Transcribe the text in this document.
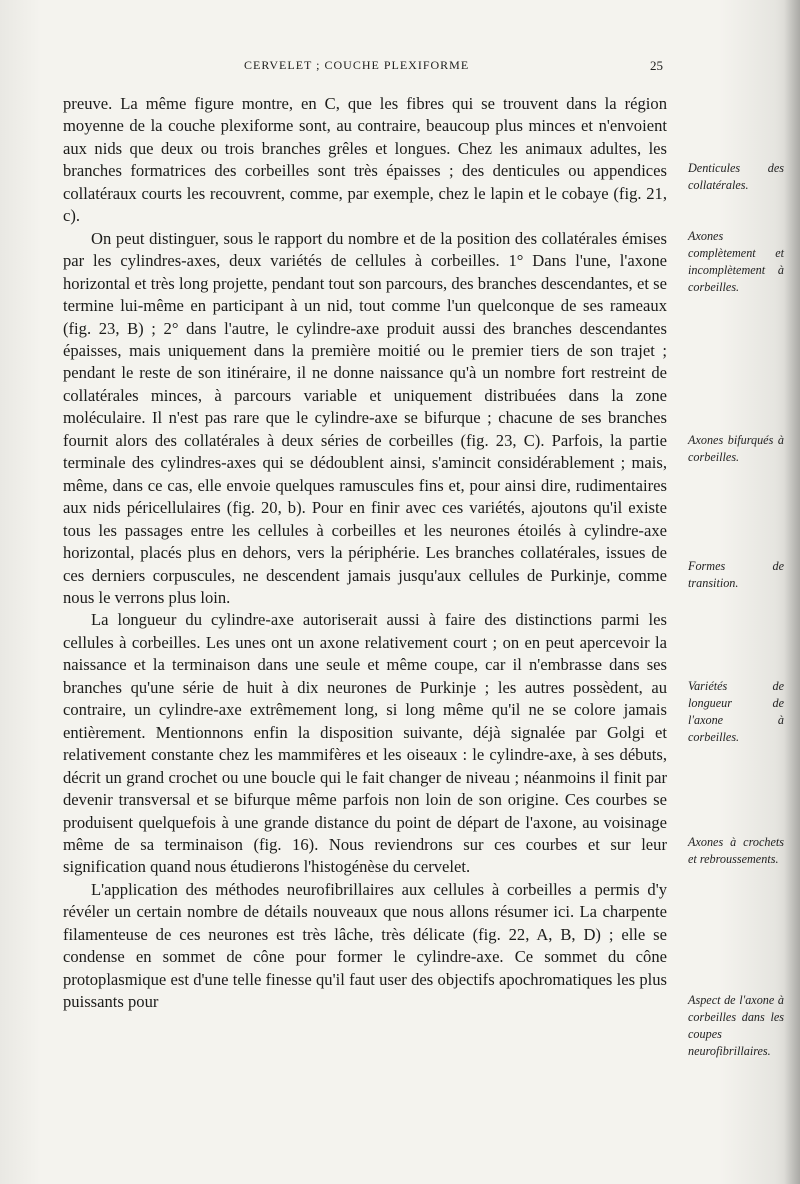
CERVELET ; COUCHE PLEXIFORME	25

preuve. La même figure montre, en C, que les fibres qui se trouvent dans la région moyenne de la couche plexiforme sont, au contraire, beaucoup plus minces et n'envoient aux nids que deux ou trois branches grêles et longues. Chez les animaux adultes, les branches formatrices des corbeilles sont très épaisses ; des denticules ou appendices collatéraux courts les recouvrent, comme, par exemple, chez le lapin et le cobaye (fig. 21, c).

On peut distinguer, sous le rapport du nombre et de la position des collatérales émises par les cylindres-axes, deux variétés de cellules à corbeilles. 1° Dans l'une, l'axone horizontal et très long projette, pendant tout son parcours, des branches descendantes, et se termine lui-même en participant à un nid, tout comme l'un quelconque de ses rameaux (fig. 23, B) ; 2° dans l'autre, le cylindre-axe produit aussi des branches descendantes épaisses, mais uniquement dans la première moitié ou le premier tiers de son trajet ; pendant le reste de son itinéraire, il ne donne naissance qu'à un nombre fort restreint de collatérales minces, à parcours variable et uniquement distribuées dans la zone moléculaire. Il n'est pas rare que le cylindre-axe se bifurque ; chacune de ses branches fournit alors des collatérales à deux séries de corbeilles (fig. 23, C). Parfois, la partie terminale des cylindres-axes qui se dédoublent ainsi, s'amincit considérablement ; mais, même, dans ce cas, elle envoie quelques ramuscules fins et, pour ainsi dire, rudimentaires aux nids péricellulaires (fig. 20, b). Pour en finir avec ces variétés, ajoutons qu'il existe tous les passages entre les cellules à corbeilles et les neurones étoilés à cylindre-axe horizontal, placés plus en dehors, vers la périphérie. Les branches collatérales, issues de ces derniers corpuscules, ne descendent jamais jusqu'aux cellules de Purkinje, comme nous le verrons plus loin.

La longueur du cylindre-axe autoriserait aussi à faire des distinctions parmi les cellules à corbeilles. Les unes ont un axone relativement court ; on en peut apercevoir la naissance et la terminaison dans une seule et même coupe, car il n'embrasse dans ses branches qu'une série de huit à dix neurones de Purkinje ; les autres possèdent, au contraire, un cylindre-axe extrêmement long, si long même qu'il ne se colore jamais entièrement. Mentionnons enfin la disposition suivante, déjà signalée par Golgi et relativement constante chez les mammifères et les oiseaux : le cylindre-axe, à ses débuts, décrit un grand crochet ou une boucle qui le fait changer de niveau ; néanmoins il finit par devenir transversal et se bifurque même parfois non loin de son origine. Ces courbes se produisent quelquefois à une grande distance du point de départ de l'axone, au voisinage même de sa terminaison (fig. 16). Nous reviendrons sur ces courbes et sur leur signification quand nous étudierons l'histogénèse du cervelet.

L'application des méthodes neurofibrillaires aux cellules à corbeilles a permis d'y révéler un certain nombre de détails nouveaux que nous allons résumer ici. La charpente filamenteuse de ces neurones est très lâche, très délicate (fig. 22, A, B, D) ; elle se condense en sommet de cône pour former le cylindre-axe. Ce sommet du cône protoplasmique est d'une telle finesse qu'il faut user des objectifs apochromatiques les plus puissants pour

Denticules des collatérales.
Axones complètement et incomplètement à corbeilles.
Axones bifurqués à corbeilles.
Formes de transition.
Variétés de longueur de l'axone à corbeilles.
Axones à crochets et rebroussements.
Aspect de l'axone à corbeilles dans les coupes neurofibrillaires.
